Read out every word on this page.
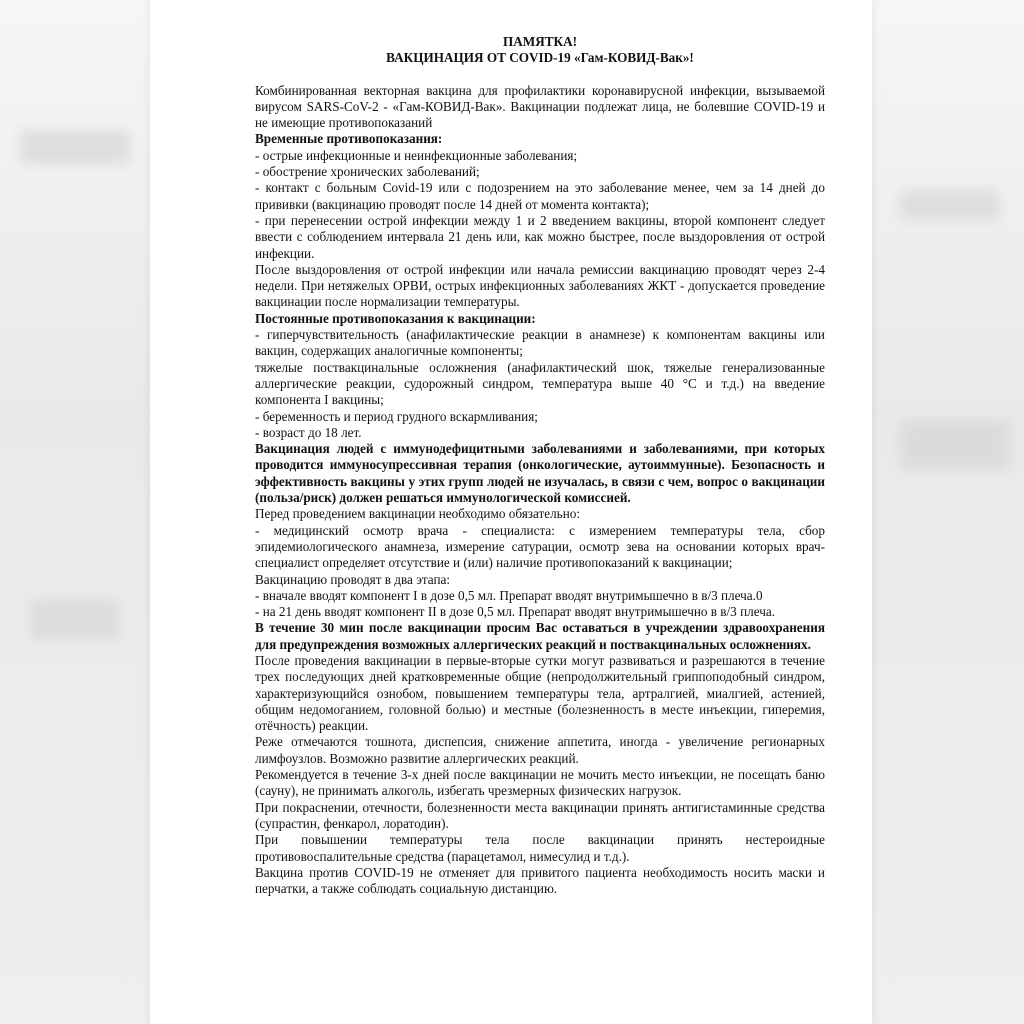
ПАМЯТКА!
ВАКЦИНАЦИЯ ОТ COVID-19 «Гам-КОВИД-Вак»!

Комбинированная векторная вакцина для профилактики коронавирусной инфекции, вызываемой вирусом SARS-CoV-2 - «Гам-КОВИД-Вак». Вакцинации подлежат лица, не болевшие COVID-19 и не имеющие противопоказаний

Временные противопоказания:

- острые инфекционные и неинфекционные заболевания;

- обострение хронических заболеваний;

- контакт с больным Covid-19 или с подозрением на это заболевание менее, чем за 14 дней до прививки (вакцинацию проводят после 14 дней от момента контакта);

- при перенесении острой инфекции между 1 и 2 введением вакцины, второй компонент следует ввести с соблюдением интервала 21 день или, как можно быстрее, после выздоровления от острой инфекции.

После выздоровления от острой инфекции или начала ремиссии вакцинацию проводят через 2-4 недели. При нетяжелых ОРВИ, острых инфекционных заболеваниях ЖКТ - допускается проведение вакцинации после нормализации температуры.

Постоянные противопоказания к вакцинации:

- гиперчувствительность (анафилактические реакции в анамнезе) к компонентам вакцины или вакцин, содержащих аналогичные компоненты;

тяжелые поствакцинальные осложнения (анафилактический шок, тяжелые генерализованные аллергические реакции, судорожный синдром, температура выше 40 °С и т.д.) на введение компонента I вакцины;

- беременность и период грудного вскармливания;

- возраст до 18 лет.

Вакцинация людей с иммунодефицитными заболеваниями и заболеваниями, при которых проводится иммуносупрессивная терапия (онкологические, аутоиммунные). Безопасность и эффективность вакцины у этих групп людей не изучалась, в связи с чем, вопрос о вакцинации (польза/риск) должен решаться иммунологической комиссией.

Перед проведением вакцинации необходимо обязательно:

- медицинский осмотр врача - специалиста: с измерением температуры тела, сбор эпидемиологического анамнеза, измерение сатурации, осмотр зева на основании которых врач-специалист определяет отсутствие и (или) наличие противопоказаний к вакцинации;

Вакцинацию проводят в два этапа:

- вначале вводят компонент I в дозе 0,5 мл. Препарат вводят внутримышечно в в/3 плеча.0

- на 21 день вводят компонент II в дозе 0,5 мл. Препарат вводят внутримышечно в в/3 плеча.

В течение 30 мин после вакцинации просим Вас оставаться в учреждении здравоохранения для предупреждения возможных аллергических реакций и поствакцинальных осложнениях.

После проведения вакцинации в первые-вторые сутки могут развиваться и разрешаются в течение трех последующих дней кратковременные общие (непродолжительный гриппоподобный синдром, характеризующийся ознобом, повышением температуры тела, артралгией, миалгией, астенией, общим недомоганием, головной болью) и местные (болезненность в месте инъекции, гиперемия, отёчность) реакции.

Реже отмечаются тошнота, диспепсия, снижение аппетита, иногда - увеличение регионарных лимфоузлов. Возможно развитие аллергических реакций.

Рекомендуется в течение 3-х дней после вакцинации не мочить место инъекции, не посещать баню (сауну), не принимать алкоголь, избегать чрезмерных физических нагрузок.

При покраснении, отечности, болезненности места вакцинации принять антигистаминные средства (супрастин, фенкарол, лоратодин).

При повышении температуры тела после вакцинации принять нестероидные противовоспалительные средства (парацетамол, нимесулид и т.д.).

Вакцина против COVID-19 не отменяет для привитого пациента необходимость носить маски и перчатки, а также соблюдать социальную дистанцию.
